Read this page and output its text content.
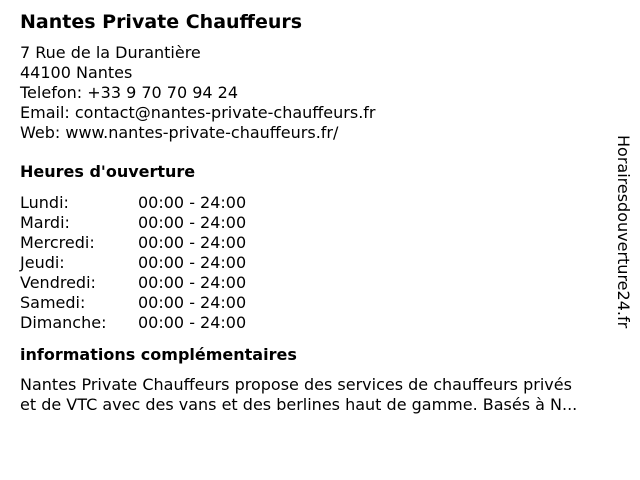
Nantes Private Chauffeurs
7 Rue de la Durantière
44100 Nantes
Telefon: +33 9 70 70 94 24
Email: contact@nantes-private-chauffeurs.fr
Web: www.nantes-private-chauffeurs.fr/
Heures d'ouverture
Lundi:	00:00 - 24:00
Mardi:	00:00 - 24:00
Mercredi:	00:00 - 24:00
Jeudi:	00:00 - 24:00
Vendredi:	00:00 - 24:00
Samedi:	00:00 - 24:00
Dimanche: 00:00 - 24:00
informations complémentaires
Nantes Private Chauffeurs propose des services de chauffeurs privés
et de VTC avec des vans et des berlines haut de gamme. Basés à N...
Horairesdouverture24.fr
